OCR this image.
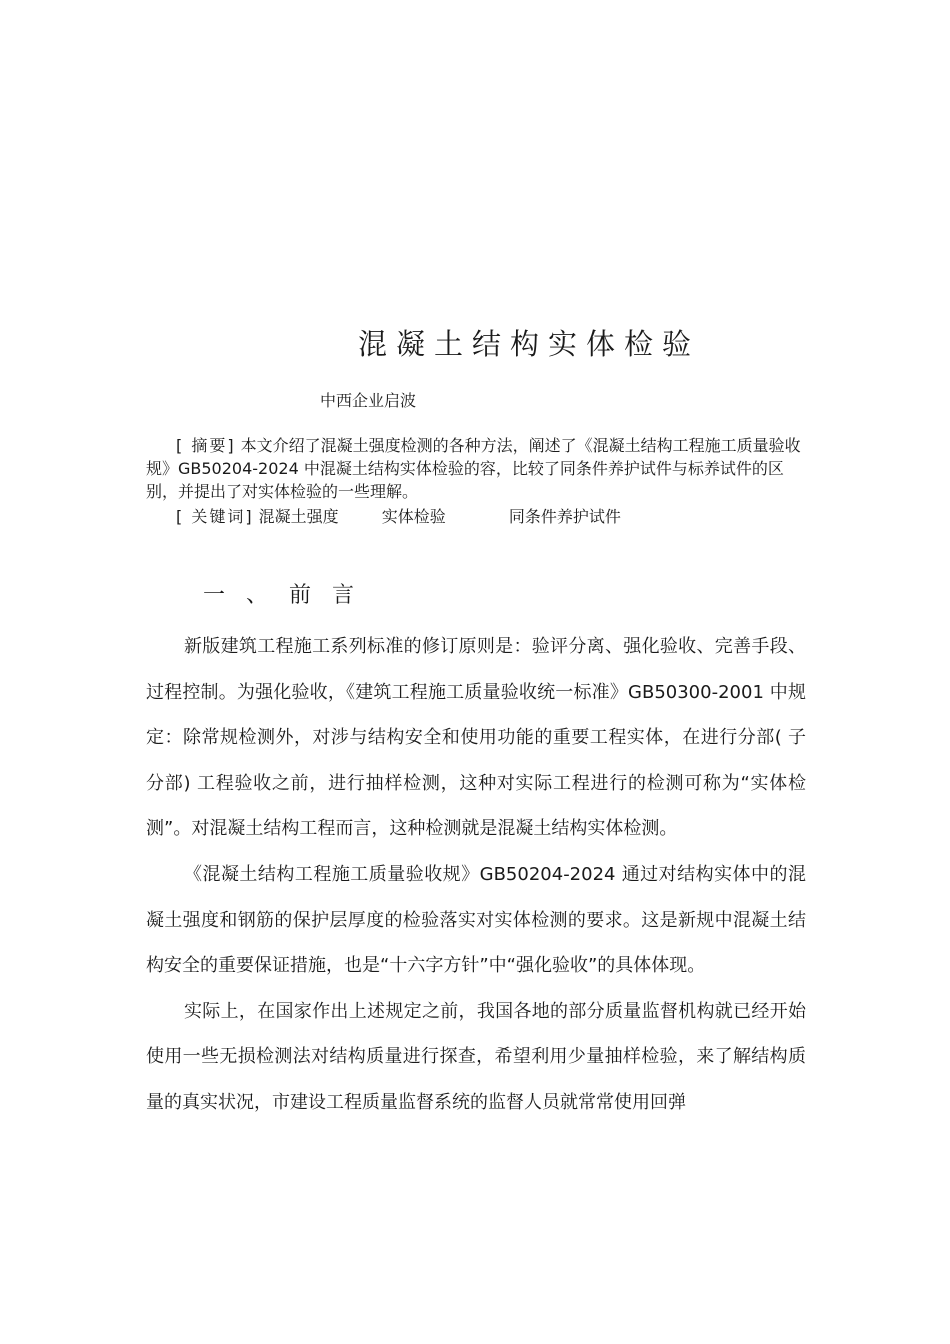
混凝土结构实体检验
中西企业启波

[ 摘要] 本文介绍了混凝土强度检测的各种方法，阐述了《混凝土结构工程施工质量验收规》GB50204-2024 中混凝土结构实体检验的容，比较了同条件养护试件与标养试件的区别，并提出了对实体检验的一些理解。

[ 关键词] 混凝土强度	实体检验	同条件养护试件
一、前言

新版建筑工程施工系列标准的修订原则是：验评分离、强化验收、完善手段、过程控制。为强化验收，《建筑工程施工质量验收统一标准》GB50300-2001 中规定：除常规检测外，对涉与结构安全和使用功能的重要工程实体，在进行分部( 子分部) 工程验收之前，进行抽样检测，这种对实际工程进行的检测可称为“实体检测”。对混凝土结构工程而言，这种检测就是混凝土结构实体检测。

《混凝土结构工程施工质量验收规》GB50204-2024 通过对结构实体中的混凝土强度和钢筋的保护层厚度的检验落实对实体检测的要求。这是新规中混凝土结构安全的重要保证措施，也是“十六字方针”中“强化验收”的具体体现。

实际上，在国家作出上述规定之前，我国各地的部分质量监督机构就已经开始使用一些无损检测法对结构质量进行探查，希望利用少量抽样检验，来了解结构质量的真实状况，市建设工程质量监督系统的监督人员就常常使用回弹
